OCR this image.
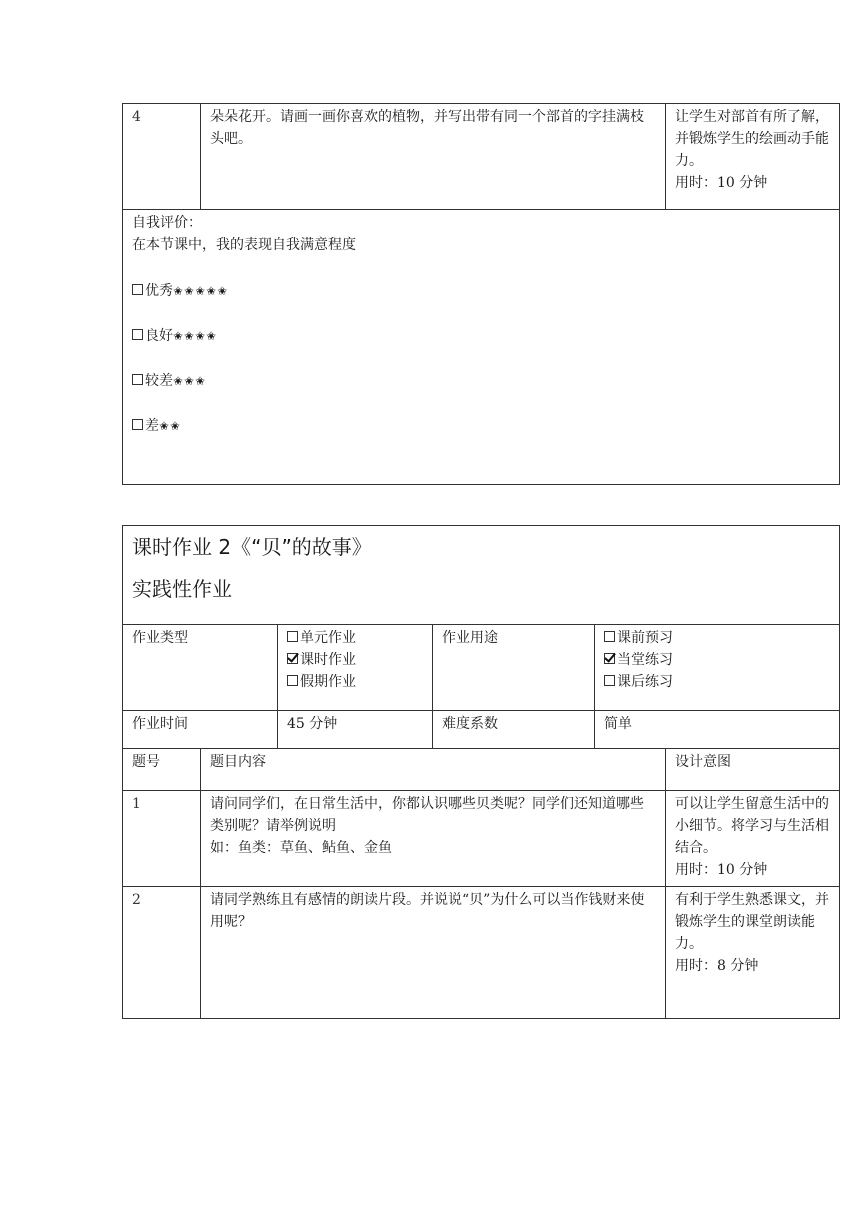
4	朵朵花开。请画一画你喜欢的植物，并写出带有同一个部首的字挂满枝头吧。	让学生对部首有所了解，并锻炼学生的绘画动手能力。
用时：10 分钟

自我评价：
在本节课中，我的表现自我满意程度
优秀✬✬✬✬✬
良好✬✬✬✬
较差✬✬✬
差✬✬
课时作业 2《“贝”的故事》
实践性作业					

作业类型		单元作业
课时作业
假期作业	作业用途	课前预习
当堂练习
课后练习	

作业时间		45 分钟	难度系数	简单	
题号	题目内容				设计意图
1	请问同学们，在日常生活中，你都认识哪些贝类呢？同学们还知道哪些类别呢？请举例说明
如：鱼类：草鱼、鲇鱼、金鱼				可以让学生留意生活中的小细节。将学习与生活相结合。
用时：10 分钟
2	请同学熟练且有感情的朗读片段。并说说“贝”为什么可以当作钱财来使用呢？				有利于学生熟悉课文，并锻炼学生的课堂朗读能力。
用时：8 分钟
